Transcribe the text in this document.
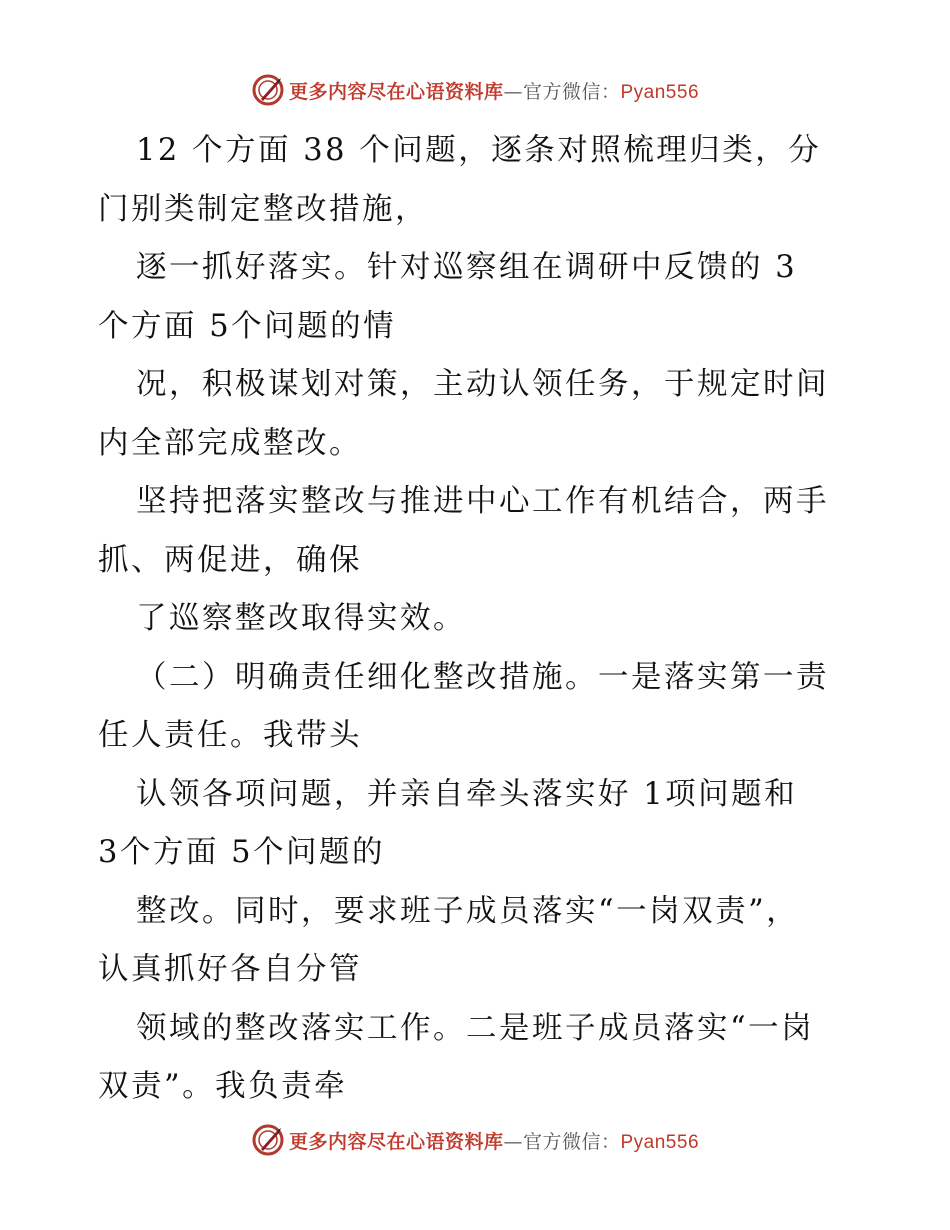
更多内容尽在心语资料库—官方微信：Pyan556
12 个方面 38 个问题，逐条对照梳理归类，分
门别类制定整改措施，
逐一抓好落实。针对巡察组在调研中反馈的 3
个方面 5个问题的情
况，积极谋划对策，主动认领任务，于规定时间
内全部完成整改。
坚持把落实整改与推进中心工作有机结合，两手
抓、两促进，确保
了巡察整改取得实效。
（二）明确责任细化整改措施。一是落实第一责
任人责任。我带头
认领各项问题，并亲自牵头落实好 1项问题和
3个方面 5个问题的
整改。同时，要求班子成员落实“一岗双责”，
认真抓好各自分管
领域的整改落实工作。二是班子成员落实“一岗
双责”。我负责牵
更多内容尽在心语资料库—官方微信：Pyan556
